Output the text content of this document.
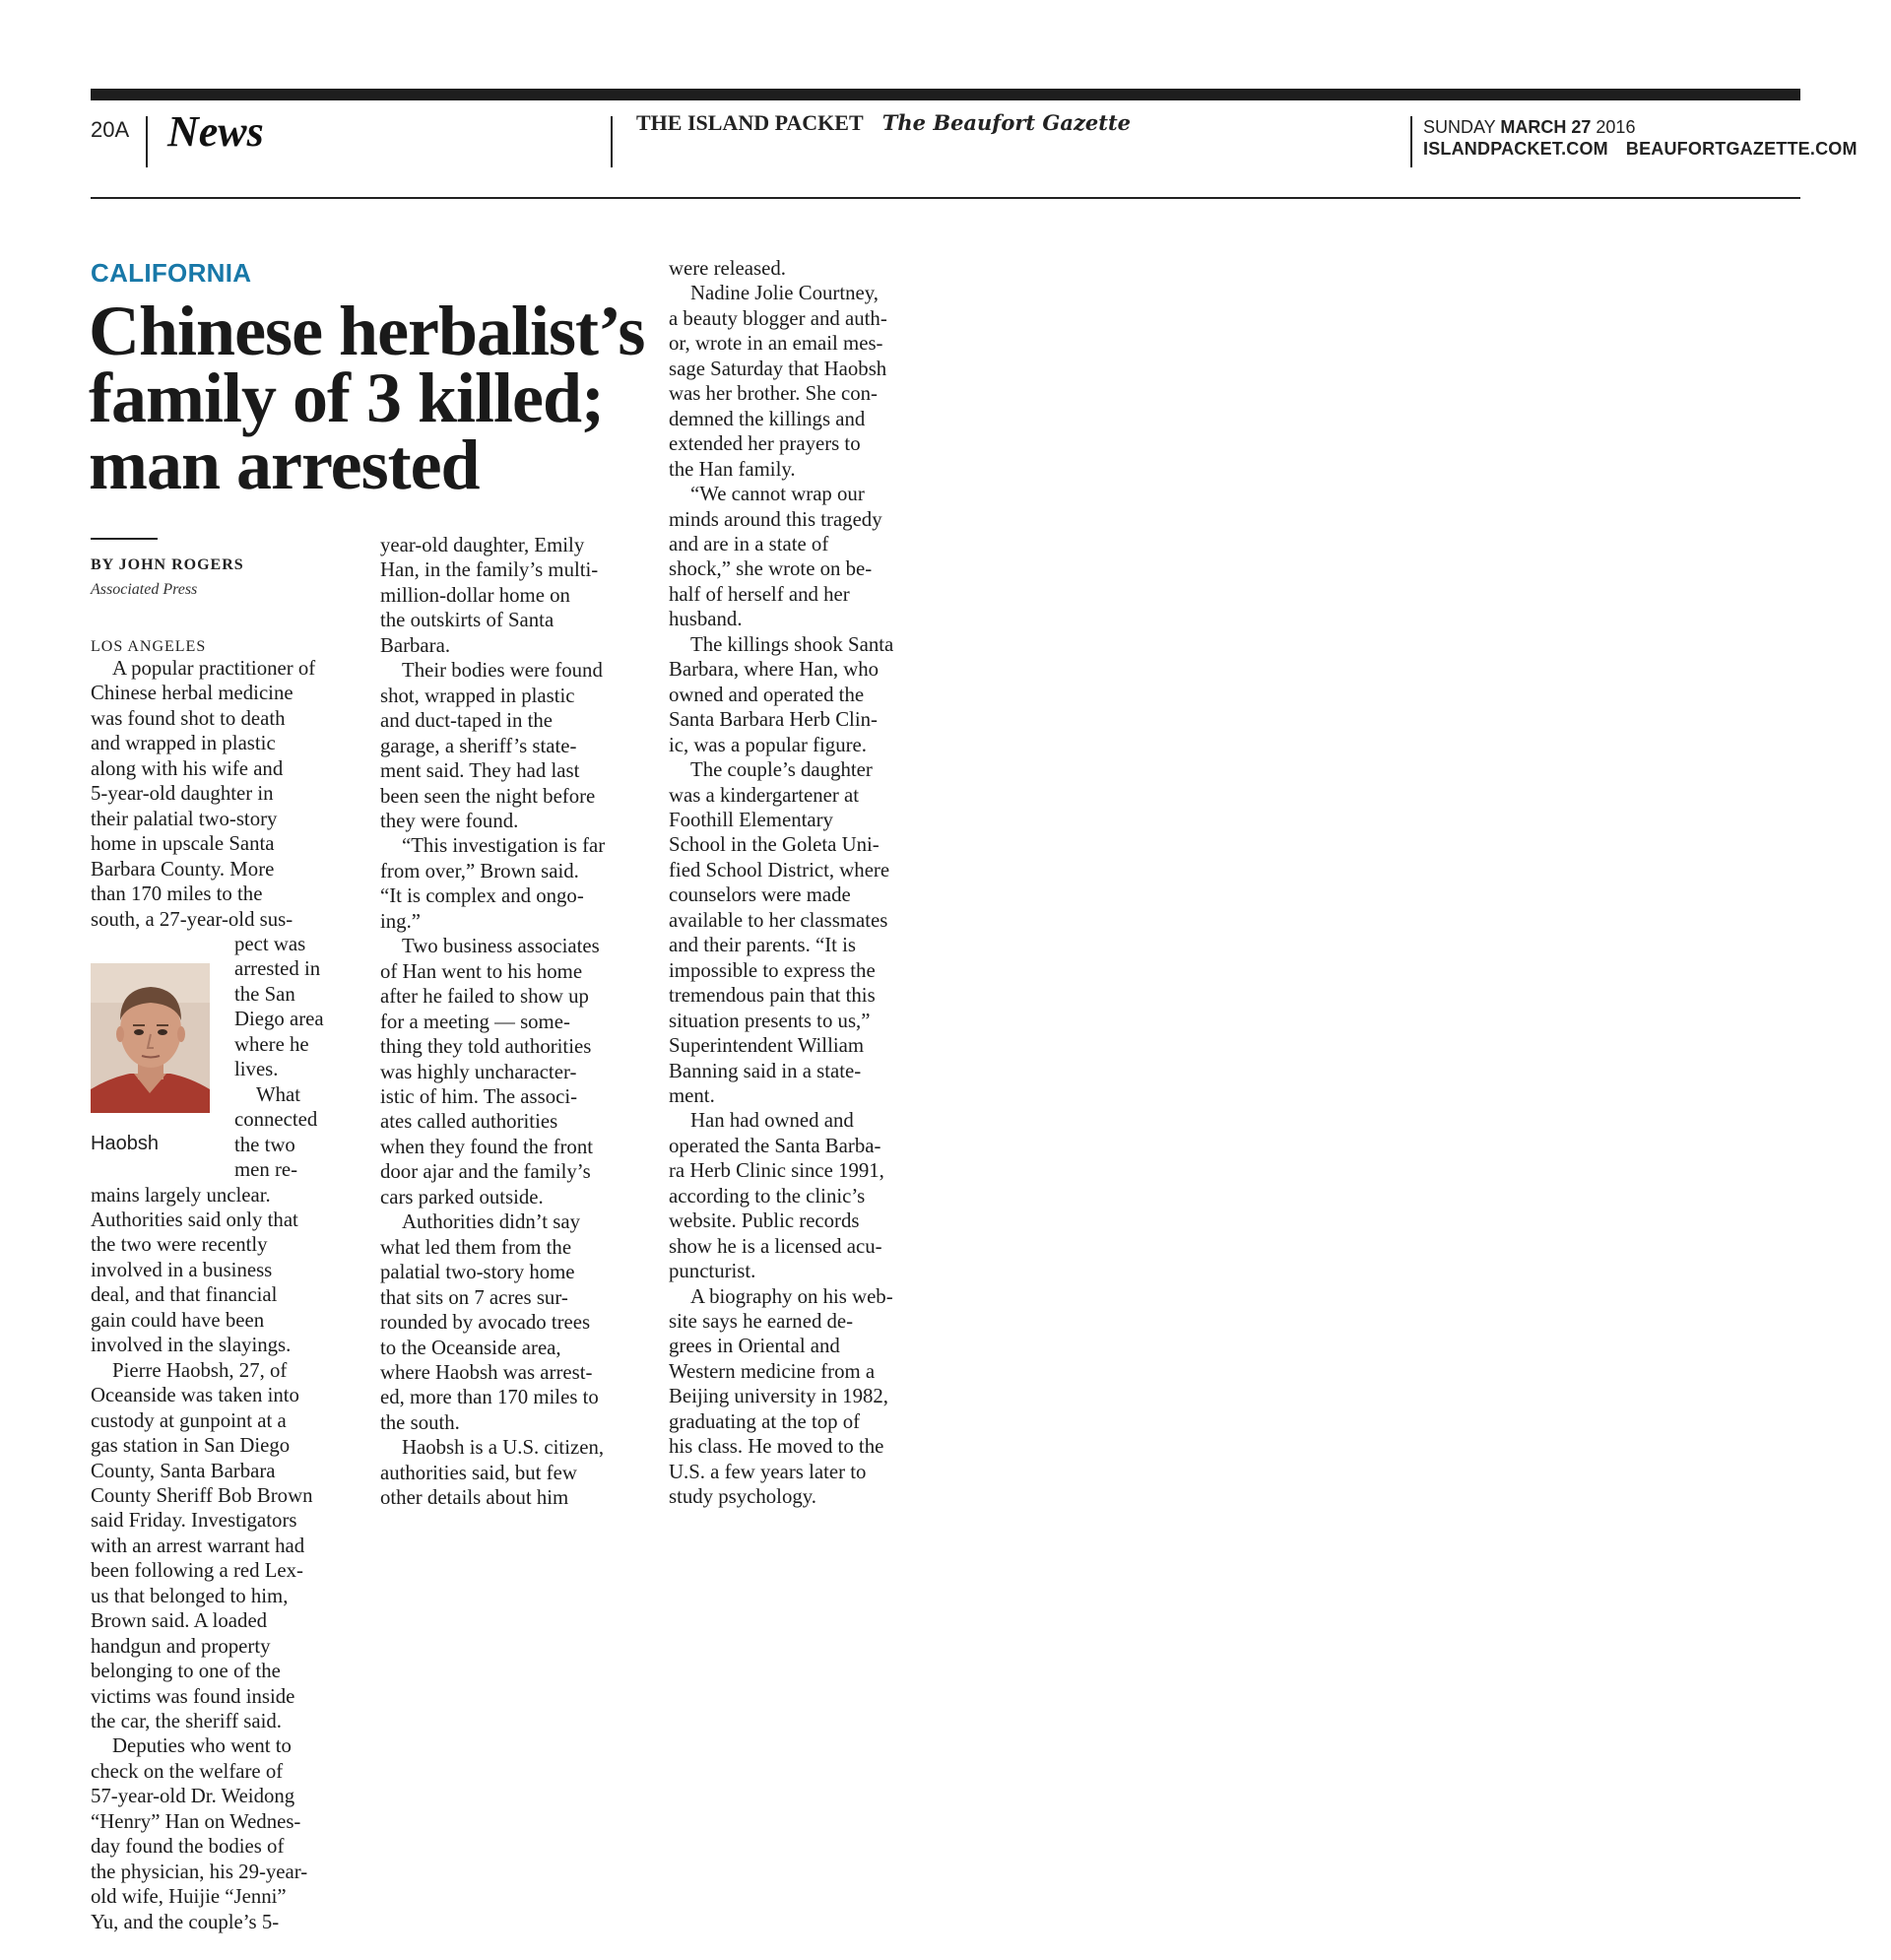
20A News	THE ISLAND PACKET The Beaufort Gazette	SUNDAY MARCH 27 2016
ISLANDPACKET.COM BEAUFORTGAZETTE.COM
CALIFORNIA
Chinese herbalist’s
family of 3 killed;
man arrested
BY JOHN ROGERS
Associated Press
LOS ANGELES
Haobsh
A popular practitioner of
Chinese herbal medicine
was found shot to death
and wrapped in plastic
along with his wife and
5-year-old daughter in
their palatial two-story
home in upscale Santa
Barbara County. More
than 170 miles to the
south, a 27-year-old sus-
pect was
arrested in
the San
Diego area
where he
lives.
What
connected
the two
men re-
mains largely unclear.
Authorities said only that
the two were recently
involved in a business
deal, and that financial
gain could have been
involved in the slayings.
Pierre Haobsh, 27, of
Oceanside was taken into
custody at gunpoint at a
gas station in San Diego
County, Santa Barbara
County Sheriff Bob Brown
said Friday. Investigators
with an arrest warrant had
been following a red Lex-
us that belonged to him,
Brown said. A loaded
handgun and property
belonging to one of the
victims was found inside
the car, the sheriff said.
Deputies who went to
check on the welfare of
57-year-old Dr. Weidong
“Henry” Han on Wednes-
day found the bodies of
the physician, his 29-year-
old wife, Huijie “Jenni”
Yu, and the couple’s 5-
year-old daughter, Emily
Han, in the family’s multi-
million-dollar home on
the outskirts of Santa
Barbara.
Their bodies were found
shot, wrapped in plastic
and duct-taped in the
garage, a sheriff’s state-
ment said. They had last
been seen the night before
they were found.
“This investigation is far
from over,” Brown said.
“It is complex and ongo-
ing.”
Two business associates
of Han went to his home
after he failed to show up
for a meeting — some-
thing they told authorities
was highly uncharacter-
istic of him. The associ-
ates called authorities
when they found the front
door ajar and the family’s
cars parked outside.
Authorities didn’t say
what led them from the
palatial two-story home
that sits on 7 acres sur-
rounded by avocado trees
to the Oceanside area,
where Haobsh was arrest-
ed, more than 170 miles to
the south.
Haobsh is a U.S. citizen,
authorities said, but few
other details about him
were released.
Nadine Jolie Courtney,
a beauty blogger and auth-
or, wrote in an email mes-
sage Saturday that Haobsh
was her brother. She con-
demned the killings and
extended her prayers to
the Han family.
“We cannot wrap our
minds around this tragedy
and are in a state of
shock,” she wrote on be-
half of herself and her
husband.
The killings shook Santa
Barbara, where Han, who
owned and operated the
Santa Barbara Herb Clin-
ic, was a popular figure.
The couple’s daughter
was a kindergartener at
Foothill Elementary
School in the Goleta Uni-
fied School District, where
counselors were made
available to her classmates
and their parents. “It is
impossible to express the
tremendous pain that this
situation presents to us,”
Superintendent William
Banning said in a state-
ment.
Han had owned and
operated the Santa Barba-
ra Herb Clinic since 1991,
according to the clinic’s
website. Public records
show he is a licensed acu-
puncturist.
A biography on his web-
site says he earned de-
grees in Oriental and
Western medicine from a
Beijing university in 1982,
graduating at the top of
his class. He moved to the
U.S. a few years later to
study psychology.
